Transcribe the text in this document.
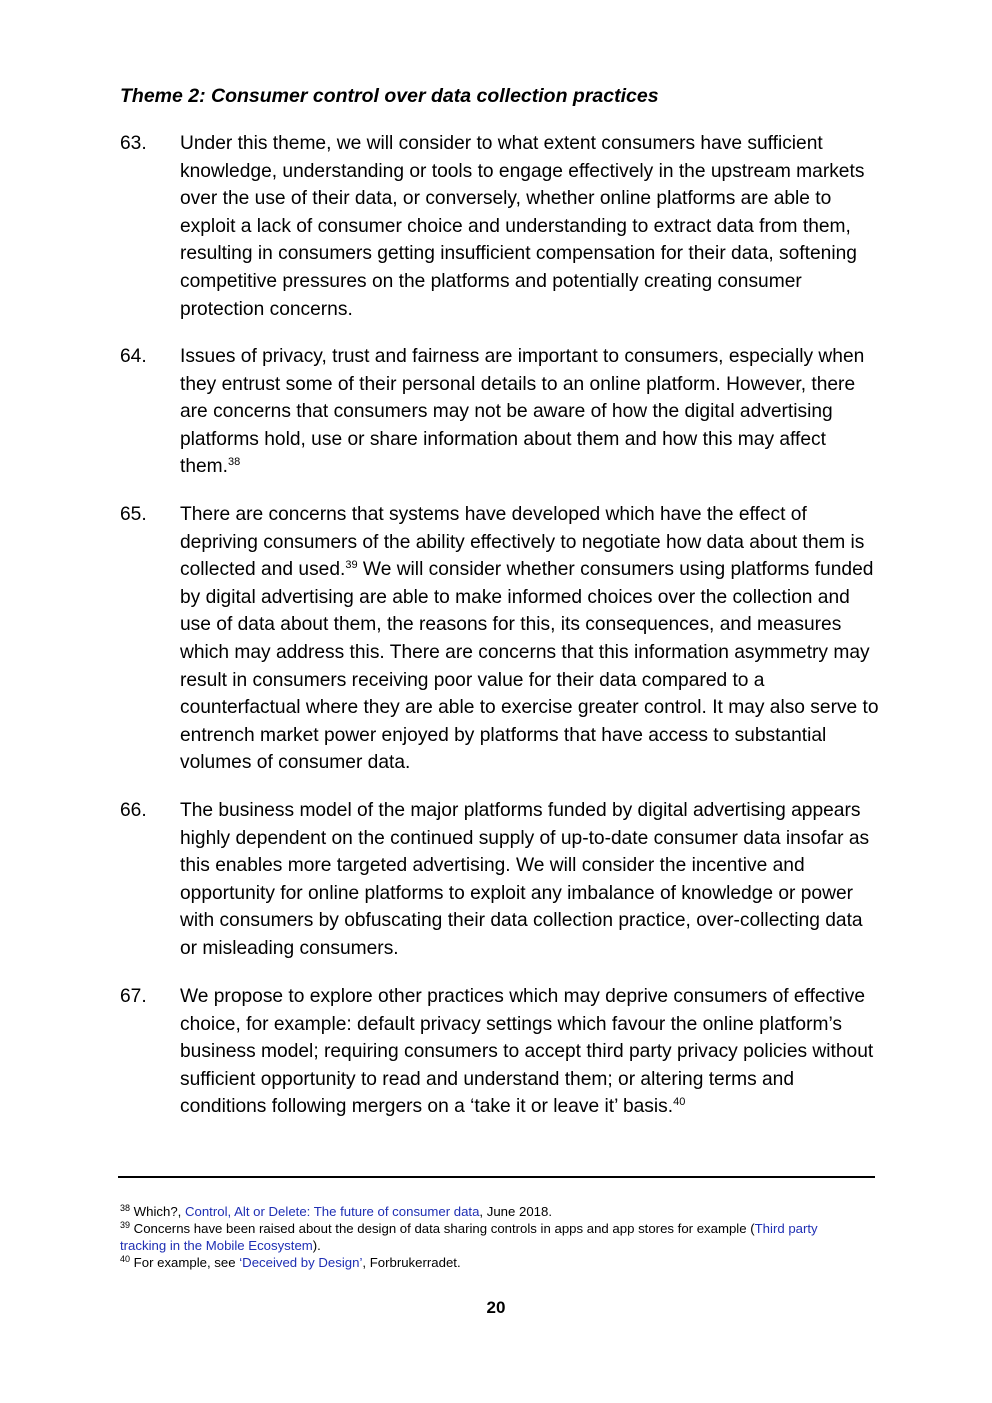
Theme 2: Consumer control over data collection practices
63. Under this theme, we will consider to what extent consumers have sufficient knowledge, understanding or tools to engage effectively in the upstream markets over the use of their data, or conversely, whether online platforms are able to exploit a lack of consumer choice and understanding to extract data from them, resulting in consumers getting insufficient compensation for their data, softening competitive pressures on the platforms and potentially creating consumer protection concerns.
64. Issues of privacy, trust and fairness are important to consumers, especially when they entrust some of their personal details to an online platform. However, there are concerns that consumers may not be aware of how the digital advertising platforms hold, use or share information about them and how this may affect them.$^{38}$
65. There are concerns that systems have developed which have the effect of depriving consumers of the ability effectively to negotiate how data about them is collected and used.$^{39}$ We will consider whether consumers using platforms funded by digital advertising are able to make informed choices over the collection and use of data about them, the reasons for this, its consequences, and measures which may address this. There are concerns that this information asymmetry may result in consumers receiving poor value for their data compared to a counterfactual where they are able to exercise greater control. It may also serve to entrench market power enjoyed by platforms that have access to substantial volumes of consumer data.
66. The business model of the major platforms funded by digital advertising appears highly dependent on the continued supply of up-to-date consumer data insofar as this enables more targeted advertising. We will consider the incentive and opportunity for online platforms to exploit any imbalance of knowledge or power with consumers by obfuscating their data collection practice, over-collecting data or misleading consumers.
67. We propose to explore other practices which may deprive consumers of effective choice, for example: default privacy settings which favour the online platform’s business model; requiring consumers to accept third party privacy policies without sufficient opportunity to read and understand them; or altering terms and conditions following mergers on a ‘take it or leave it’ basis.$^{40}$

$^{38}$ Which?, Control, Alt or Delete: The future of consumer data, June 2018.

$^{39}$ Concerns have been raised about the design of data sharing controls in apps and app stores for example (Third party tracking in the Mobile Ecosystem).

$^{40}$ For example, see ‘Deceived by Design’, Forbrukerradet.

20
